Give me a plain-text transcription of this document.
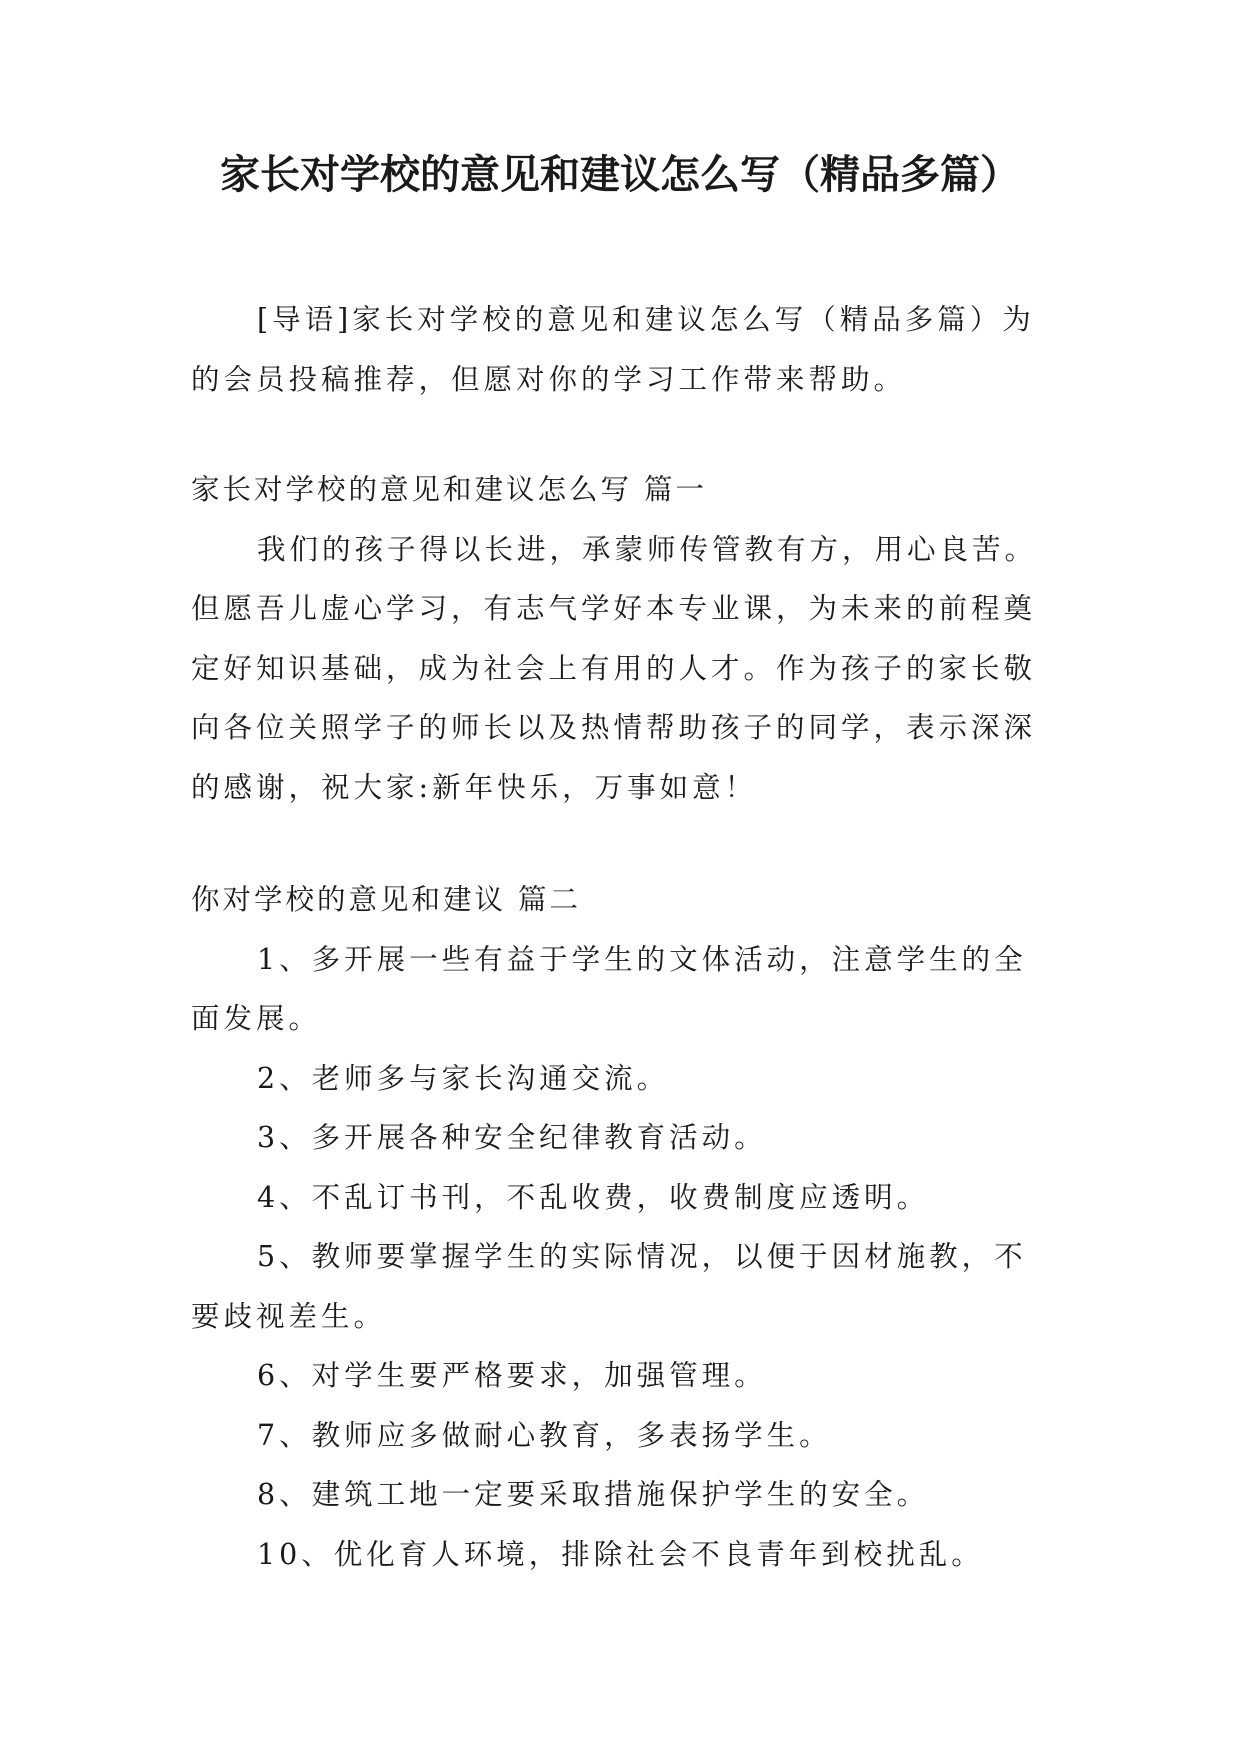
家长对学校的意见和建议怎么写（精品多篇）

[导语]家长对学校的意见和建议怎么写（精品多篇）为的会员投稿推荐，但愿对你的学习工作带来帮助。

家长对学校的意见和建议怎么写 篇一

我们的孩子得以长进，承蒙师传管教有方，用心良苦。但愿吾儿虚心学习，有志气学好本专业课，为未来的前程奠定好知识基础，成为社会上有用的人才。作为孩子的家长敬向各位关照学子的师长以及热情帮助孩子的同学，表示深深的感谢，祝大家:新年快乐，万事如意！

你对学校的意见和建议 篇二

1、多开展一些有益于学生的文体活动，注意学生的全面发展。

2、老师多与家长沟通交流。

3、多开展各种安全纪律教育活动。

4、不乱订书刊，不乱收费，收费制度应透明。

5、教师要掌握学生的实际情况，以便于因材施教，不要歧视差生。

6、对学生要严格要求，加强管理。

7、教师应多做耐心教育，多表扬学生。

8、建筑工地一定要采取措施保护学生的安全。

10、优化育人环境，排除社会不良青年到校扰乱。
